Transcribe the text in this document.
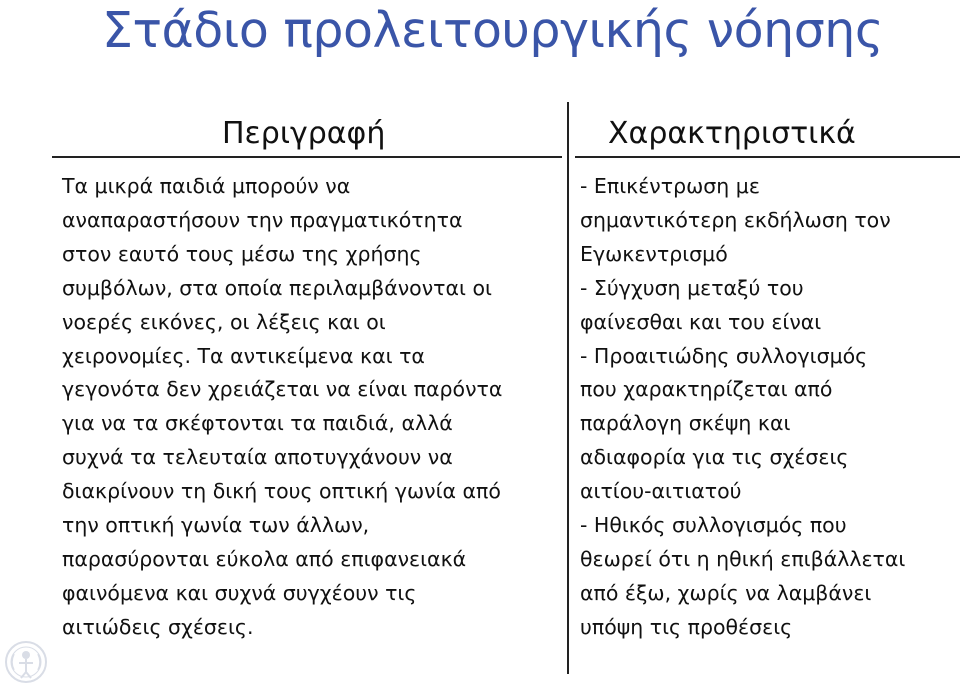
Στάδιο προλειτουργικής νόησης
Περιγραφή	Χαρακτηριστικά
Τα μικρά παιδιά μπορούν να
αναπαραστήσουν την πραγματικότητα
στον εαυτό τους μέσω της χρήσης
συμβόλων, στα οποία περιλαμβάνονται οι
νοερές εικόνες, οι λέξεις και οι
χειρονομίες. Τα αντικείμενα και τα
γεγονότα δεν χρειάζεται να είναι παρόντα
για να τα σκέφτονται τα παιδιά, αλλά
συχνά τα τελευταία αποτυγχάνουν να
διακρίνουν τη δική τους οπτική γωνία από
την οπτική γωνία των άλλων,
παρασύρονται εύκολα από επιφανειακά
φαινόμενα και συχνά συγχέουν τις
αιτιώδεις σχέσεις.
- Επικέντρωση με
σημαντικότερη εκδήλωση τον
Εγωκεντρισμό
- Σύγχυση μεταξύ του
φαίνεσθαι και του είναι
- Προαιτιώδης συλλογισμός
που χαρακτηρίζεται από
παράλογη σκέψη και
αδιαφορία για τις σχέσεις
αιτίου-αιτιατού
- Ηθικός συλλογισμός που
θεωρεί ότι η ηθική επιβάλλεται
από έξω, χωρίς να λαμβάνει
υπόψη τις προθέσεις
